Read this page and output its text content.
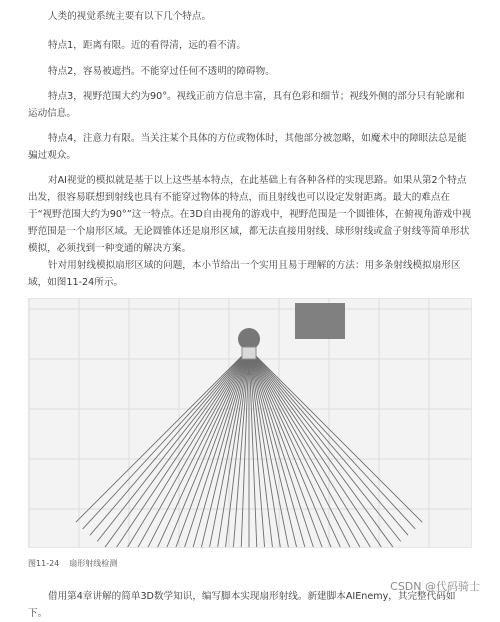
人类的视觉系统主要有以下几个特点。

特点1，距离有限。近的看得清，远的看不清。

特点2，容易被遮挡。不能穿过任何不透明的障碍物。

特点3，视野范围大约为90°。视线正前方信息丰富，具有色彩和细节；视线外侧的部分只有轮廓和运动信息。

特点4，注意力有限。当关注某个具体的方位或物体时，其他部分被忽略，如魔术中的障眼法总是能骗过观众。

对AI视觉的模拟就是基于以上这些基本特点，在此基础上有各种各样的实现思路。如果从第2个特点出发，很容易联想到射线也具有不能穿过物体的特点，而且射线也可以设定发射距离。最大的难点在于“视野范围大约为90°”这一特点。在3D自由视角的游戏中，视野范围是一个圆锥体，在俯视角游戏中视野范围是一个扇形区域。无论圆锥体还是扇形区域，都无法直接用射线、球形射线或盒子射线等简单形状模拟，必须找到一种变通的解决方案。

针对用射线模拟扇形区域的问题，本小节给出一个实用且易于理解的方法：用多条射线模拟扇形区域，如图11-24所示。

图11-24 扇形射线检测

借用第4章讲解的简单3D数学知识，编写脚本实现扇形射线。新建脚本AIEnemy，其完整代码如下。

CSDN @代码骑士
